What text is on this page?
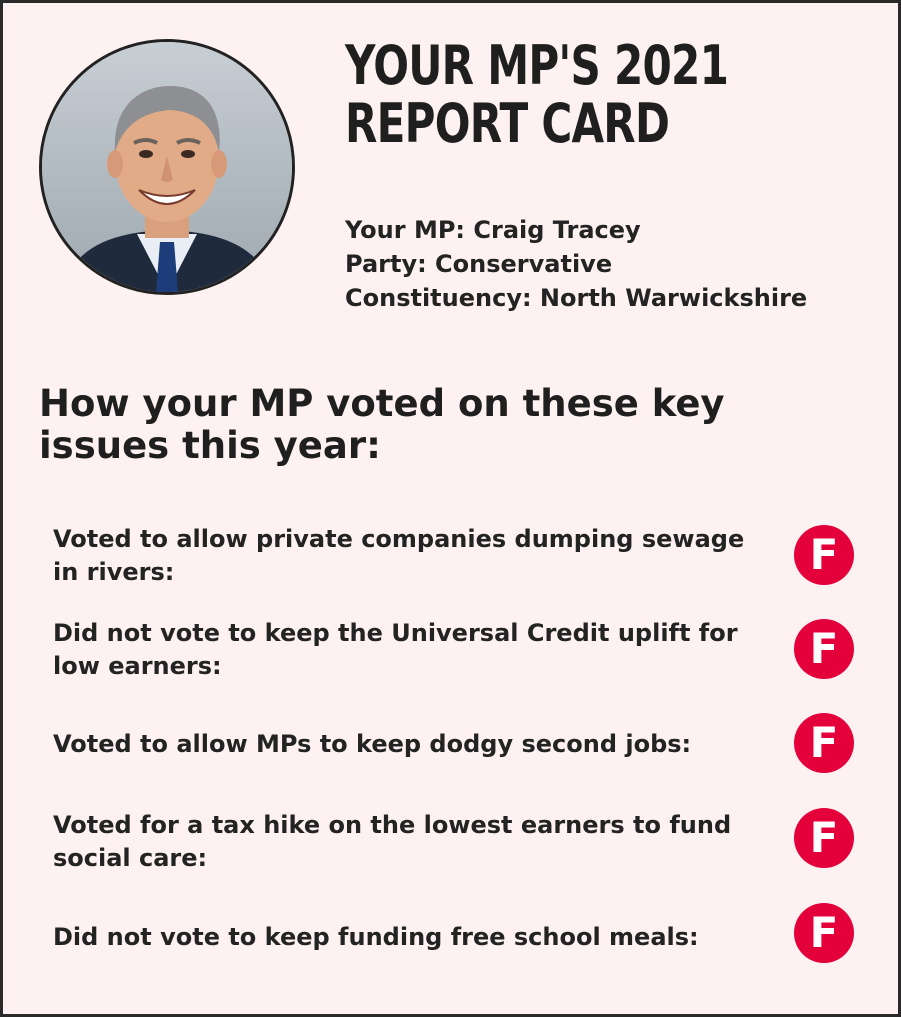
YOUR MP'S 2021
REPORT CARD
Your MP: Craig Tracey
Party: Conservative
Constituency: North Warwickshire
How your MP voted on these key issues this year:
Voted to allow private companies dumping sewage in rivers:	F
Did not vote to keep the Universal Credit uplift for low earners:	F
Voted to allow MPs to keep dodgy second jobs:	F
Voted for a tax hike on the lowest earners to fund social care:	F
Did not vote to keep funding free school meals:	F
